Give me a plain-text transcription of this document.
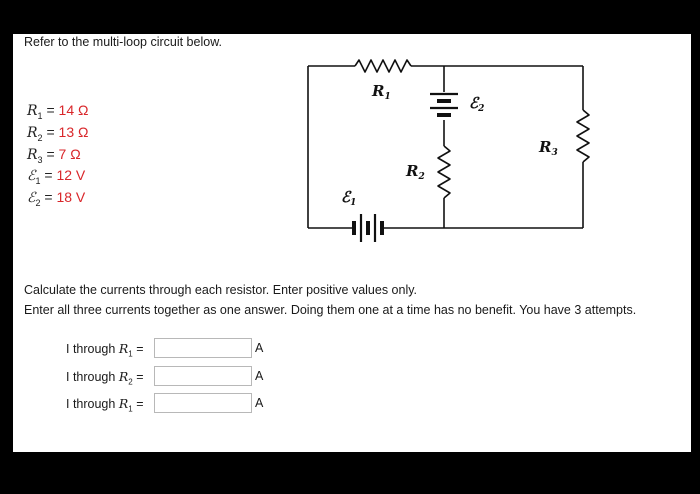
Refer to the multi-loop circuit below.
$R_1 = 14$ Ω
$R_2 = 13$ Ω
$R_3 = 7$ Ω
ℰ$_1$ = 12 V
ℰ$_2$ = 18 V
$R_1$	ℰ$_2$
$R_3$
$R_2$
ℰ$_1$
Calculate the currents through each resistor. Enter positive values only.
Enter all three currents together as one answer. Doing them one at a time has no benefit. You have 3 attempts.
I through $R_1$ =	A
I through $R_2$ =	A
I through $R_1$ =	A
